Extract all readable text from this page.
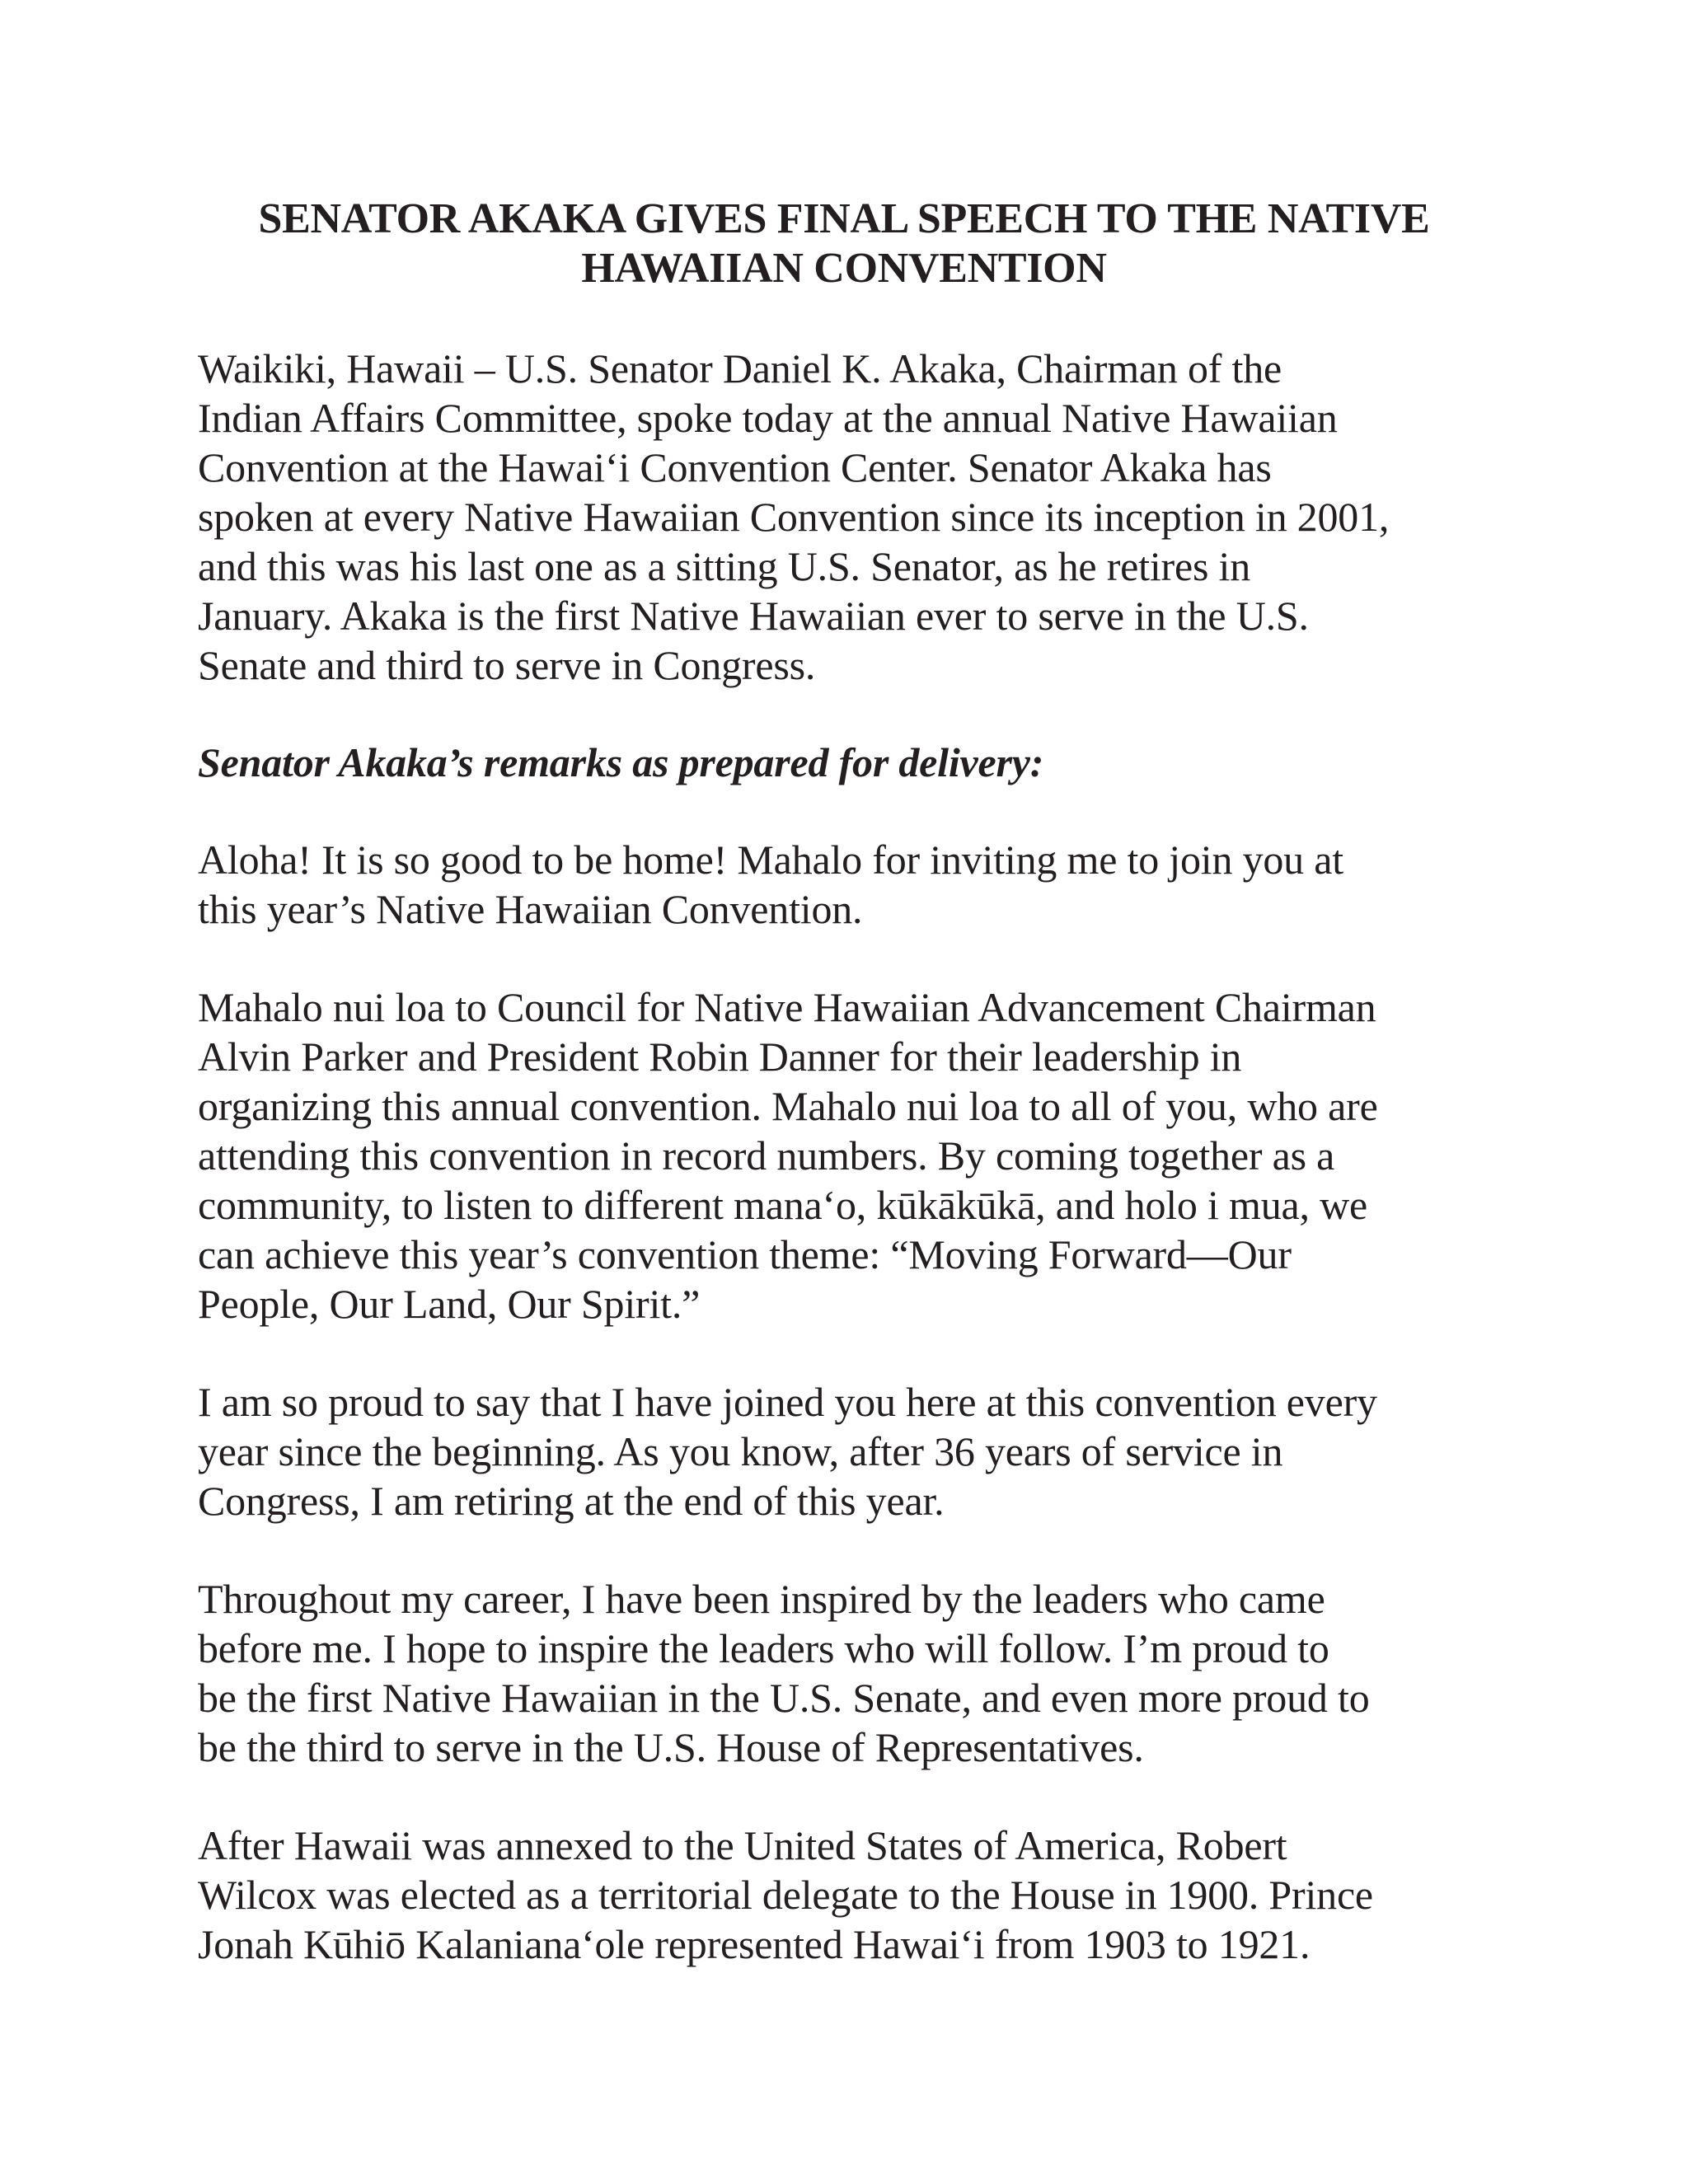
SENATOR AKAKA GIVES FINAL SPEECH TO THE NATIVE
HAWAIIAN CONVENTION

Waikiki, Hawaii – U.S. Senator Daniel K. Akaka, Chairman of the
Indian Affairs Committee, spoke today at the annual Native Hawaiian
Convention at the Hawai‘i Convention Center. Senator Akaka has
spoken at every Native Hawaiian Convention since its inception in 2001,
and this was his last one as a sitting U.S. Senator, as he retires in
January. Akaka is the first Native Hawaiian ever to serve in the U.S.
Senate and third to serve in Congress.

Senator Akaka’s remarks as prepared for delivery:

Aloha! It is so good to be home! Mahalo for inviting me to join you at
this year’s Native Hawaiian Convention.

Mahalo nui loa to Council for Native Hawaiian Advancement Chairman
Alvin Parker and President Robin Danner for their leadership in
organizing this annual convention. Mahalo nui loa to all of you, who are
attending this convention in record numbers. By coming together as a
community, to listen to different mana‘o, kūkākūkā, and holo i mua, we
can achieve this year’s convention theme: “Moving Forward—Our
People, Our Land, Our Spirit.”

I am so proud to say that I have joined you here at this convention every
year since the beginning. As you know, after 36 years of service in
Congress, I am retiring at the end of this year.

Throughout my career, I have been inspired by the leaders who came
before me. I hope to inspire the leaders who will follow. I’m proud to
be the first Native Hawaiian in the U.S. Senate, and even more proud to
be the third to serve in the U.S. House of Representatives.

After Hawaii was annexed to the United States of America, Robert
Wilcox was elected as a territorial delegate to the House in 1900. Prince
Jonah Kūhiō Kalaniana‘ole represented Hawai‘i from 1903 to 1921.
